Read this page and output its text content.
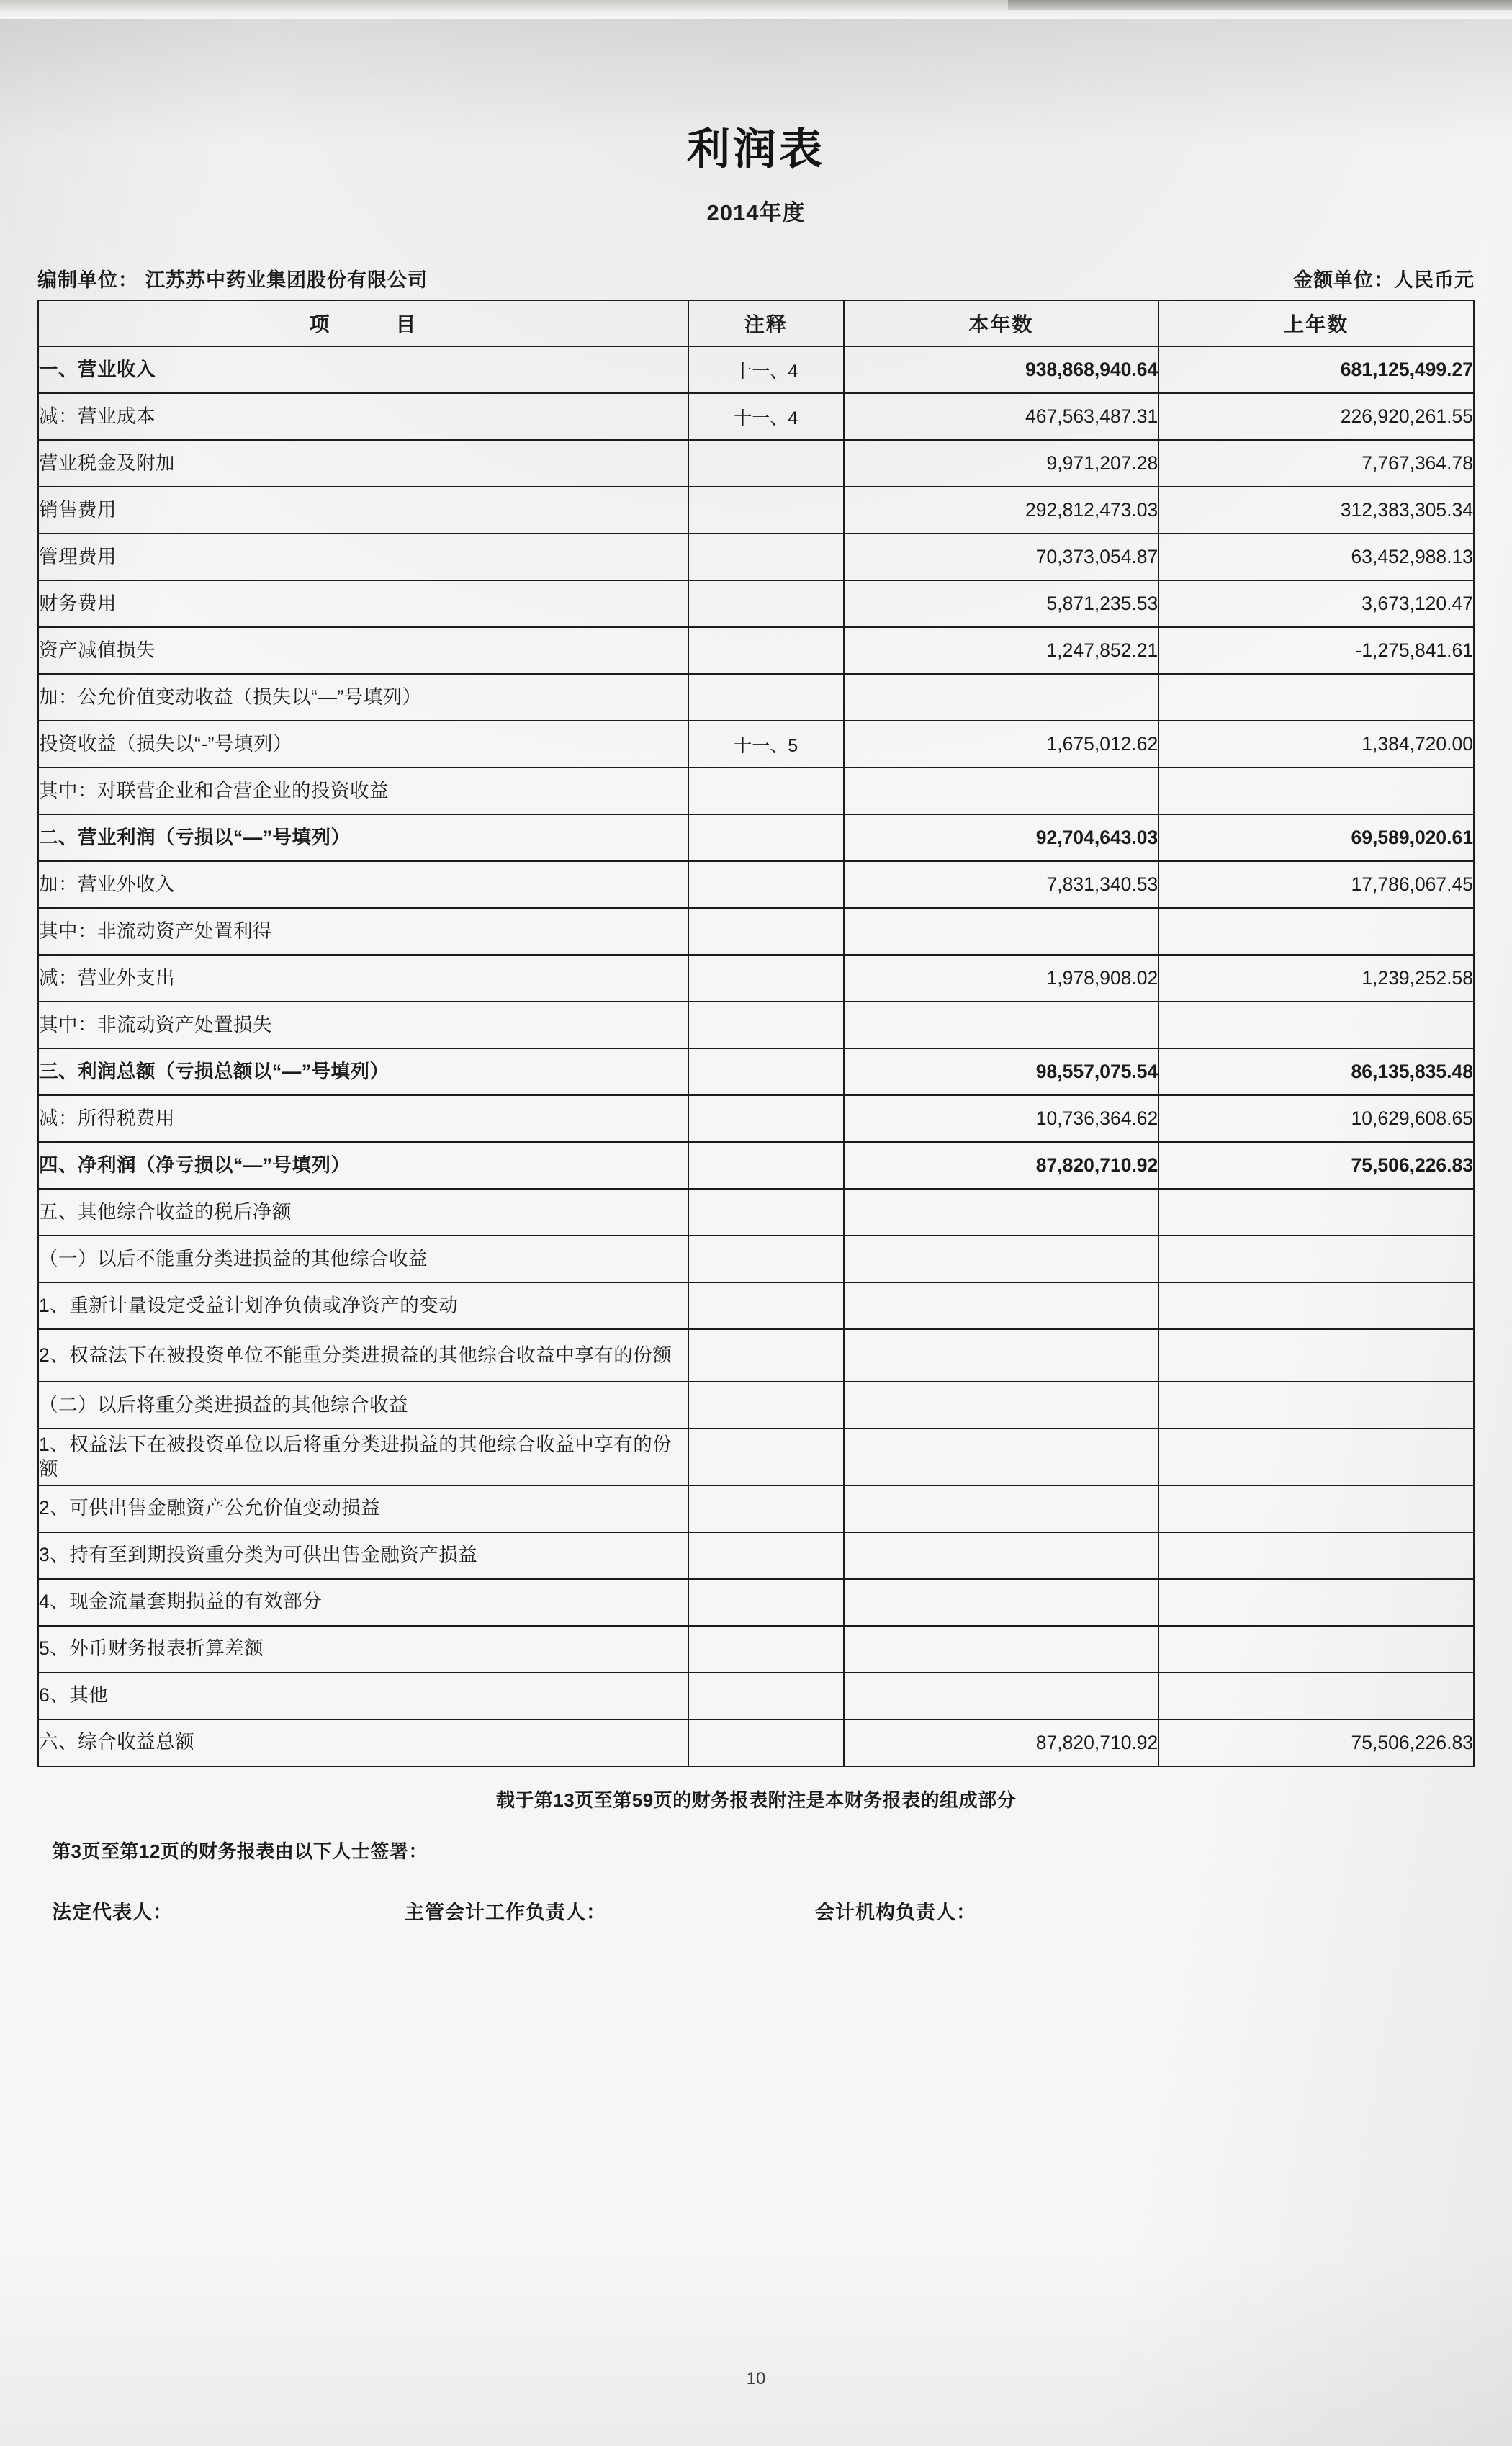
利润表
2014年度
编制单位： 江苏苏中药业集团股份有限公司	金额单位：人民币元
项　　　目	注释	本年数	上年数
一、营业收入	十一、4	938,868,940.64	681,125,499.27
减：营业成本	十一、4	467,563,487.31	226,920,261.55
营业税金及附加		9,971,207.28	7,767,364.78
销售费用		292,812,473.03	312,383,305.34
管理费用		70,373,054.87	63,452,988.13
财务费用		5,871,235.53	3,673,120.47
资产减值损失		1,247,852.21	-1,275,841.61
加：公允价值变动收益（损失以“—”号填列）			
投资收益（损失以“-”号填列）	十一、5	1,675,012.62	1,384,720.00
其中：对联营企业和合营企业的投资收益			
二、营业利润（亏损以“—”号填列）		92,704,643.03	69,589,020.61
加：营业外收入		7,831,340.53	17,786,067.45
其中：非流动资产处置利得			
减：营业外支出		1,978,908.02	1,239,252.58
其中：非流动资产处置损失			
三、利润总额（亏损总额以“—”号填列）		98,557,075.54	86,135,835.48
减：所得税费用		10,736,364.62	10,629,608.65
四、净利润（净亏损以“—”号填列）		87,820,710.92	75,506,226.83
五、其他综合收益的税后净额			
（一）以后不能重分类进损益的其他综合收益			
1、重新计量设定受益计划净负债或净资产的变动			
2、权益法下在被投资单位不能重分类进损益的其他综合收益中享有的份额			
（二）以后将重分类进损益的其他综合收益			
1、权益法下在被投资单位以后将重分类进损益的其他综合收益中享有的份额			
2、可供出售金融资产公允价值变动损益			
3、持有至到期投资重分类为可供出售金融资产损益			
4、现金流量套期损益的有效部分			
5、外币财务报表折算差额			
6、其他			
六、综合收益总额		87,820,710.92	75,506,226.83
载于第13页至第59页的财务报表附注是本财务报表的组成部分
第3页至第12页的财务报表由以下人士签署：
法定代表人：	主管会计工作负责人：	会计机构负责人：
10
